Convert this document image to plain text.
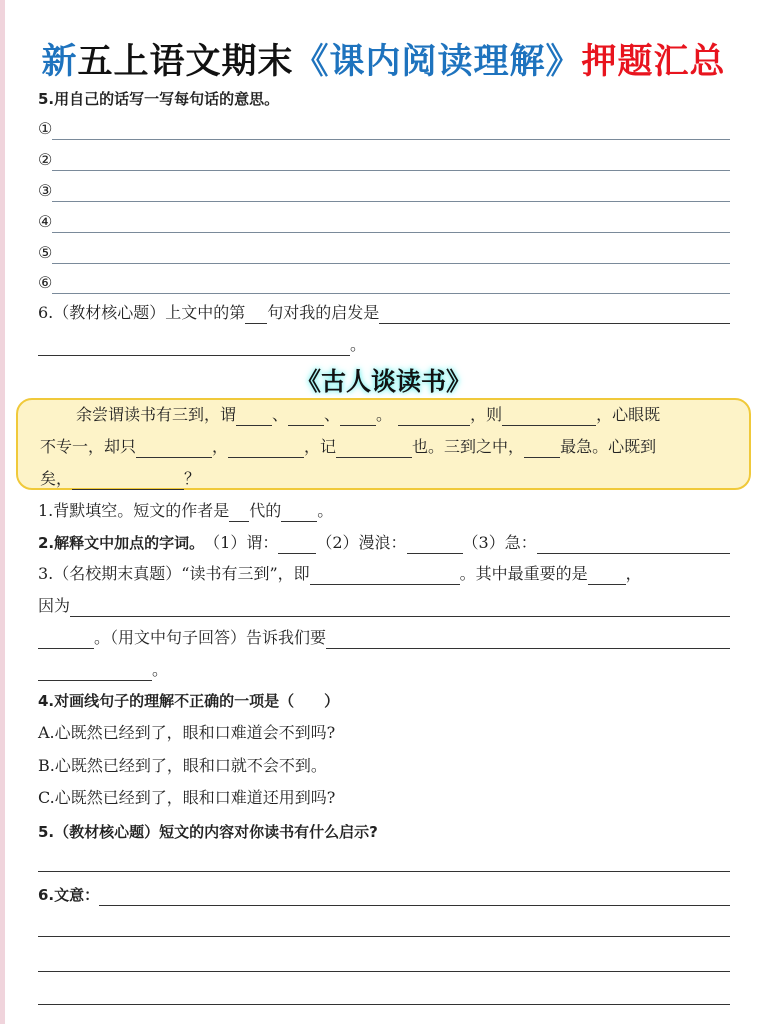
新五上语文期末《课内阅读理解》押题汇总
5.用自己的话写一写每句话的意思。
①
②
③
④
⑤
⑥
6.（教材核心题）上文中的第 句对我的启发是
。
《古人谈读书》
余尝谓读书有三到，谓 、 、 。	，则	，心眼既
不专一，却只	，	，记	也。三到之中， 最急。心既到
矣，	？
1.背默填空。短文的作者是 代的 。
2.解释文中加点的字词。 （1）谓： （2）漫浪：	（3）急：
3.（名校期末真题）“读书有三到”，即	。其中最重要的是 ，
因为
。（用文中句子回答）告诉我们要
。
4.对画线句子的理解不正确的一项是（　　）
A.心既然已经到了，眼和口难道会不到吗?
B.心既然已经到了，眼和口就不会不到。
C.心既然已经到了，眼和口难道还用到吗?
5.（教材核心题）短文的内容对你读书有什么启示?
6.文意：
